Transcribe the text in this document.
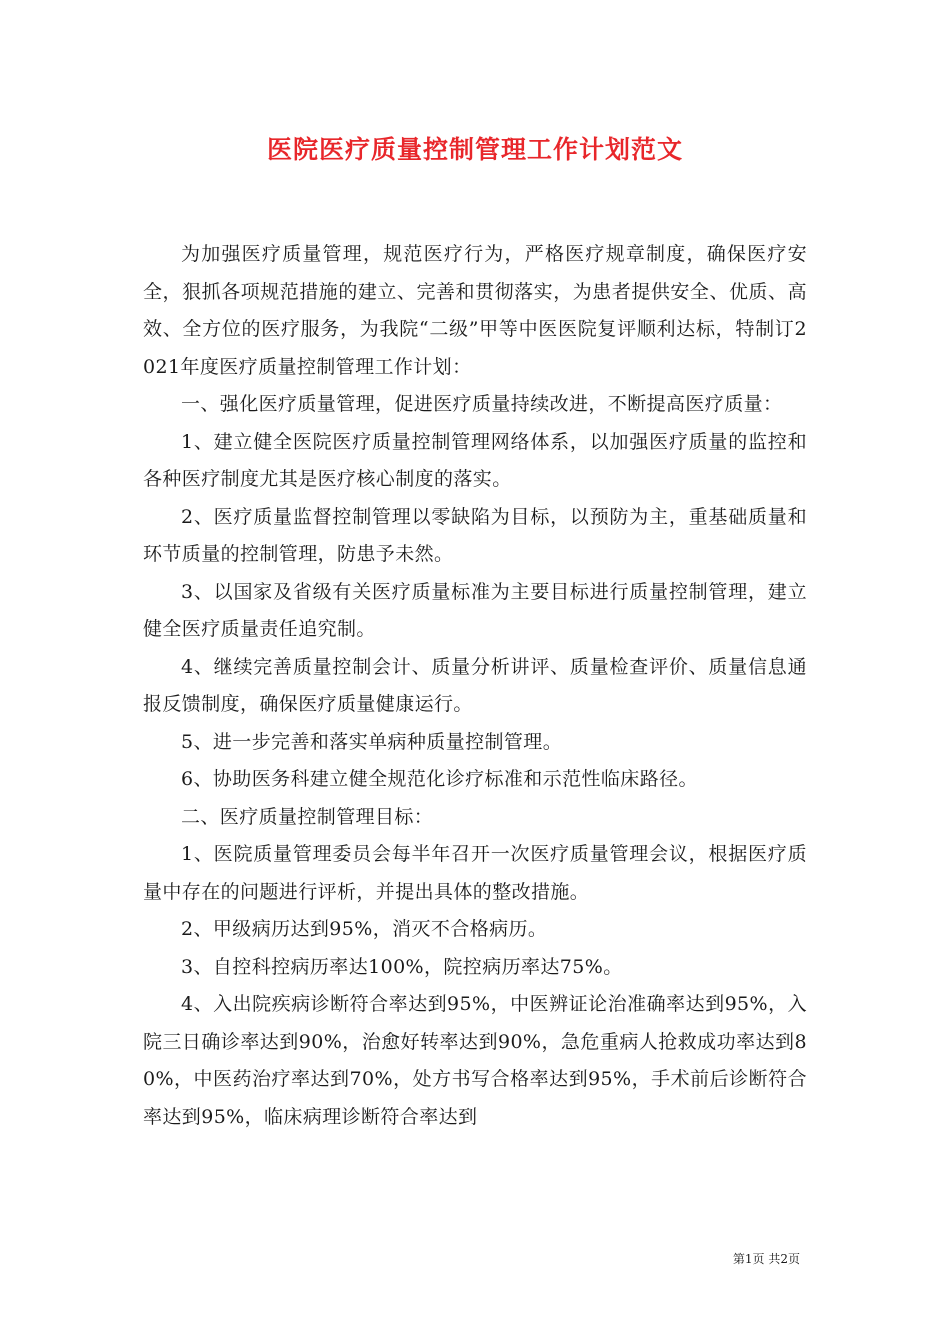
医院医疗质量控制管理工作计划范文

为加强医疗质量管理，规范医疗行为，严格医疗规章制度，确保医疗安全，狠抓各项规范措施的建立、完善和贯彻落实，为患者提供安全、优质、高效、全方位的医疗服务，为我院“二级”甲等中医医院复评顺利达标，特制订2021年度医疗质量控制管理工作计划：

一、强化医疗质量管理，促进医疗质量持续改进，不断提高医疗质量：

1、建立健全医院医疗质量控制管理网络体系，以加强医疗质量的监控和各种医疗制度尤其是医疗核心制度的落实。

2、医疗质量监督控制管理以零缺陷为目标，以预防为主，重基础质量和环节质量的控制管理，防患予未然。

3、以国家及省级有关医疗质量标准为主要目标进行质量控制管理，建立健全医疗质量责任追究制。

4、继续完善质量控制会计、质量分析讲评、质量检查评价、质量信息通报反馈制度，确保医疗质量健康运行。

5、进一步完善和落实单病种质量控制管理。

6、协助医务科建立健全规范化诊疗标准和示范性临床路径。

二、医疗质量控制管理目标：

1、医院质量管理委员会每半年召开一次医疗质量管理会议，根据医疗质量中存在的问题进行评析，并提出具体的整改措施。

2、甲级病历达到95%，消灭不合格病历。

3、自控科控病历率达100%，院控病历率达75%。

4、入出院疾病诊断符合率达到95%，中医辨证论治准确率达到95%，入院三日确诊率达到90%，治愈好转率达到90%，急危重病人抢救成功率达到80%，中医药治疗率达到70%，处方书写合格率达到95%，手术前后诊断符合率达到95%，临床病理诊断符合率达到

第1页 共2页
